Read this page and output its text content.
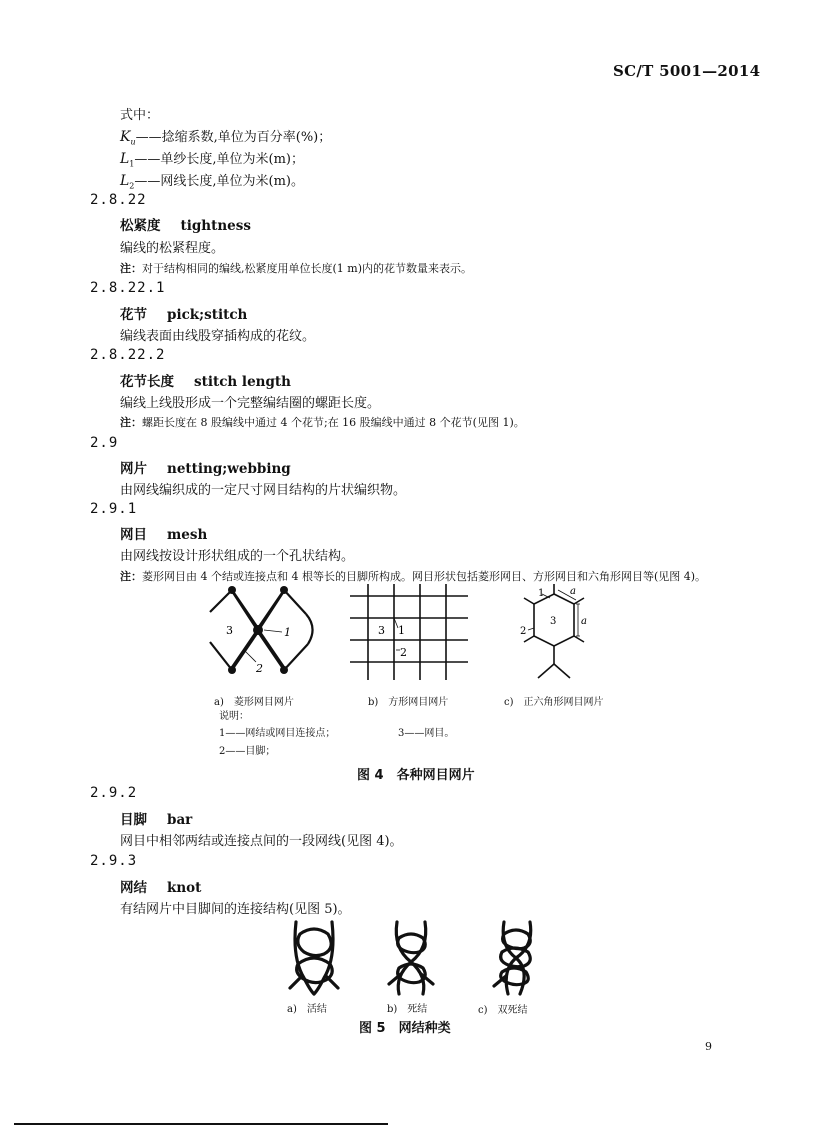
SC/T 5001—2014
式中：
$K_u——$捻缩系数,单位为百分率(%)；
$L_1——$单纱长度,单位为米(m)；
$L_2——$网线长度,单位为米(m)。
2.8.22
松紧度 tightness
编线的松紧程度。
注：对于结构相同的编线,松紧度用单位长度(1 m)内的花节数量来表示。
2.8.22.1
花节 pick;stitch
编线表面由线股穿插构成的花纹。
2.8.22.2
花节长度 stitch length
编线上线股形成一个完整编结圈的螺距长度。
注：螺距长度在 8 股编线中通过 4 个花节;在 16 股编线中通过 8 个花节(见图 1)。
2.9
网片 netting;webbing
由网线编织成的一定尺寸网目结构的片状编织物。
2.9.1
网目 mesh
由网线按设计形状组成的一个孔状结构。
注：菱形网目由 4 个结或连接点和 4 根等长的目脚所构成。网目形状包括菱形网目、方形网目和六角形网目等(见图 4)。
1
2
3	3 1
2
1
2
3
a
a
a)　菱形网目网片	b)　方形网目网片	c)　正六角形网目网片
说明：
1——网结或网目连接点；	3——网目。
2——目脚；
图 4　各种网目网片
2.9.2
目脚 bar
网目中相邻两结或连接点间的一段网线(见图 4)。
2.9.3
网结 knot
有结网片中目脚间的连接结构(见图 5)。
a)　活结	b)　死结	c)　双死结
图 5　网结种类
9
